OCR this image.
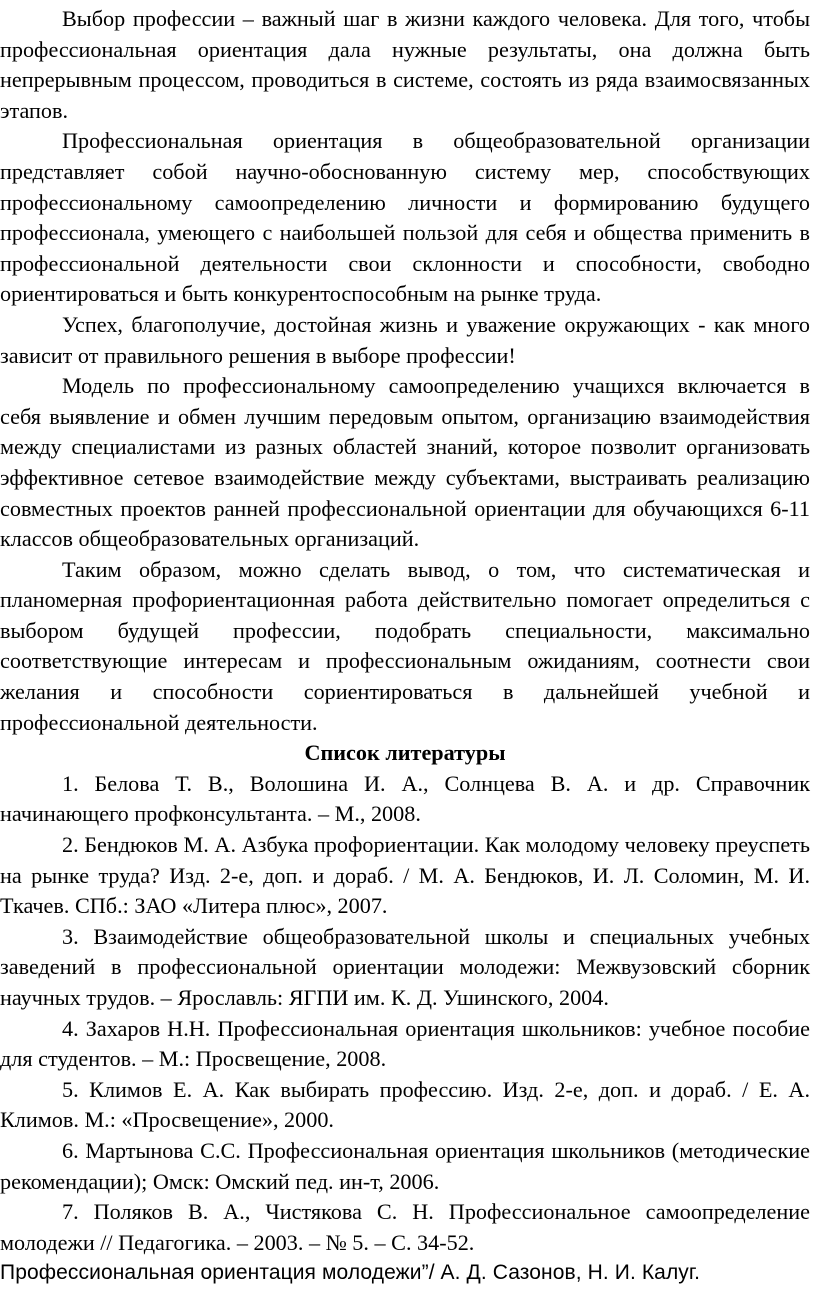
Выбор профессии – важный шаг в жизни каждого человека. Для того, чтобы профессиональная ориентация дала нужные результаты, она должна быть непрерывным процессом, проводиться в системе, состоять из ряда взаимосвязанных этапов.

Профессиональная ориентация в общеобразовательной организации представляет собой научно-обоснованную систему мер, способствующих профессиональному самоопределению личности и формированию будущего профессионала, умеющего с наибольшей пользой для себя и общества применить в профессиональной деятельности свои склонности и способности, свободно ориентироваться и быть конкурентоспособным на рынке труда.

Успех, благополучие, достойная жизнь и уважение окружающих - как много зависит от правильного решения в выборе профессии!

Модель по профессиональному самоопределению учащихся включается в себя выявление и обмен лучшим передовым опытом, организацию взаимодействия между специалистами из разных областей знаний, которое позволит организовать эффективное сетевое взаимодействие между субъектами, выстраивать реализацию совместных проектов ранней профессиональной ориентации для обучающихся 6-11 классов общеобразовательных организаций.

Таким образом, можно сделать вывод, о том, что систематическая и планомерная профориентационная работа действительно помогает определиться с выбором будущей профессии, подобрать специальности, максимально соответствующие интересам и профессиональным ожиданиям, соотнести свои желания и способности сориентироваться в дальнейшей учебной и профессиональной деятельности.

Список литературы

1. Белова Т. В., Волошина И. А., Солнцева В. А. и др. Справочник начинающего профконсультанта. – М., 2008.
2. Бендюков М. А. Азбука профориентации. Как молодому человеку преуспеть на рынке труда? Изд. 2-е, доп. и дораб. / М. А. Бендюков, И. Л. Соломин, М. И. Ткачев. СПб.: ЗАО «Литера плюс», 2007.
3. Взаимодействие общеобразовательной школы и специальных учебных заведений в профессиональной ориентации молодежи: Межвузовский сборник научных трудов. – Ярославль: ЯГПИ им. К. Д. Ушинского, 2004.
4. Захаров Н.Н. Профессиональная ориентация школьников: учебное пособие для студентов. – М.: Просвещение, 2008.
5. Климов Е. А. Как выбирать профессию. Изд. 2-е, доп. и дораб. / Е. А. Климов. М.: «Просвещение», 2000.
6. Мартынова С.С. Профессиональная ориентация школьников (методические рекомендации); Омск: Омский пед. ин-т, 2006.
7. Поляков В. А., Чистякова С. Н. Профессиональное самоопределение молодежи // Педагогика. – 2003. – № 5. – С. 34-52.

Профессиональная ориентация молодежи”/ А. Д. Сазонов, Н. И. Калуг.
